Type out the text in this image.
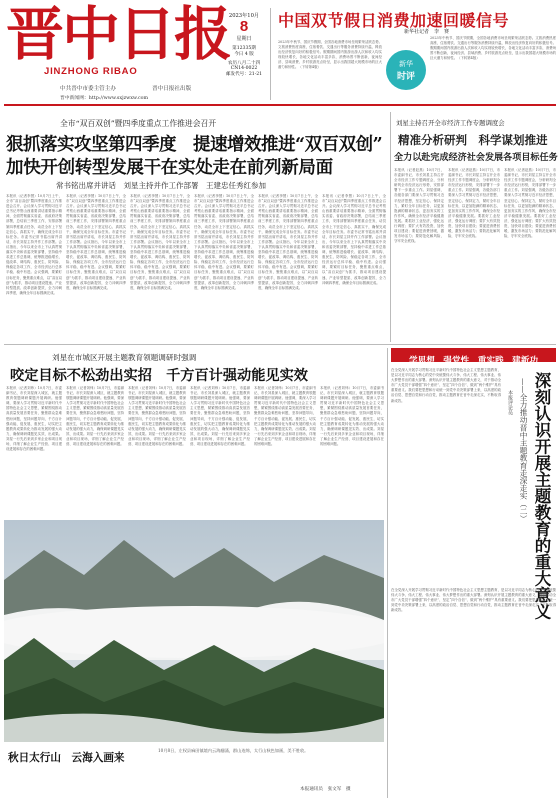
晋中日报
JINZHONG RIBAO
中共晋中市委主管主办	晋中日报社出版
晋中新闻网：http://www.sxjzwxw.com
2023年10月
8
星期日
第12335期
今日 4 版
农历八月二十四
CN14-0022
邮发代号：21-21
中国双节假日消费加速回暖信号
新华社记者　李　赛
新华
时评
2023年中秋节、国庆节假期，全国各地消费市场呈现繁荣活跃态势。文旅消费热度高涨，住宿餐饮、交通出行等服务消费持续升温，释放出经济恢复向好的积极信号。假期期间国内旅游出游人次和收入均实现较快增长，各地文化活动丰富多彩，消费场景不断创新，夜间经济、县域消费、乡村旅游亮点纷呈，显示出我国超大规模市场的巨大潜力和韧性。（下转第4版）
2023年中秋节、国庆节假期，全国各地消费市场呈现繁荣活跃态势。文旅消费热度高涨，住宿餐饮、交通出行等服务消费持续升温，释放出经济恢复向好的积极信号。假期期间国内旅游出游人次和收入均实现较快增长，各地文化活动丰富多彩，消费场景不断创新，夜间经济、县域消费、乡村旅游亮点纷呈，显示出我国超大规模市场的巨大潜力和韧性。（下转第4版）
全市“双百双创”暨四季度重点工作推进会召开
狠抓落实攻坚第四季度　提速增效推进“双百双创”
加快开创转型发展干在实处走在前列新局面
常书铭出席并讲话　刘星主持并作工作部署　王建忠任秀红参加
本报讯（记者李慧）10月7日上午，全市“双百双创”暨四季度重点工作推进会召开。会议深入学习贯彻习近平总书记考察山西重要讲话重要指示精神，全面贯彻落实省委、省政府决策部署，总结前三季度工作，安排部署第四季度重点任务，动员全市上下坚定信心、真抓实干，确保完成全年目标任务。市委书记常书铭出席并讲话，市长刘星主持并作工作部署。会议指出，今年以来全市上下认真贯彻落实中央和省委决策部署，坚持稳中求进工作总基调，统筹推进稳增长、促改革、调结构、惠民生、防风险、保稳定各项工作，全市经济运行总体平稳、稳中有进。会议强调，要紧盯目标任务，聚焦重点难点，以“双百双创”为抓手，推动项目建设提速、产业转型提质、改革创新提效，全力冲刺四季度，确保全年目标圆满完成。
本报讯（记者李慧）10月7日上午，全市“双百双创”暨四季度重点工作推进会召开。会议深入学习贯彻习近平总书记考察山西重要讲话重要指示精神，全面贯彻落实省委、省政府决策部署，总结前三季度工作，安排部署第四季度重点任务，动员全市上下坚定信心、真抓实干，确保完成全年目标任务。市委书记常书铭出席并讲话，市长刘星主持并作工作部署。会议指出，今年以来全市上下认真贯彻落实中央和省委决策部署，坚持稳中求进工作总基调，统筹推进稳增长、促改革、调结构、惠民生、防风险、保稳定各项工作，全市经济运行总体平稳、稳中有进。会议强调，要紧盯目标任务，聚焦重点难点，以“双百双创”为抓手，推动项目建设提速、产业转型提质、改革创新提效，全力冲刺四季度，确保全年目标圆满完成。
本报讯（记者李慧）10月7日上午，全市“双百双创”暨四季度重点工作推进会召开。会议深入学习贯彻习近平总书记考察山西重要讲话重要指示精神，全面贯彻落实省委、省政府决策部署，总结前三季度工作，安排部署第四季度重点任务，动员全市上下坚定信心、真抓实干，确保完成全年目标任务。市委书记常书铭出席并讲话，市长刘星主持并作工作部署。会议指出，今年以来全市上下认真贯彻落实中央和省委决策部署，坚持稳中求进工作总基调，统筹推进稳增长、促改革、调结构、惠民生、防风险、保稳定各项工作，全市经济运行总体平稳、稳中有进。会议强调，要紧盯目标任务，聚焦重点难点，以“双百双创”为抓手，推动项目建设提速、产业转型提质、改革创新提效，全力冲刺四季度，确保全年目标圆满完成。
本报讯（记者李慧）10月7日上午，全市“双百双创”暨四季度重点工作推进会召开。会议深入学习贯彻习近平总书记考察山西重要讲话重要指示精神，全面贯彻落实省委、省政府决策部署，总结前三季度工作，安排部署第四季度重点任务，动员全市上下坚定信心、真抓实干，确保完成全年目标任务。市委书记常书铭出席并讲话，市长刘星主持并作工作部署。会议指出，今年以来全市上下认真贯彻落实中央和省委决策部署，坚持稳中求进工作总基调，统筹推进稳增长、促改革、调结构、惠民生、防风险、保稳定各项工作，全市经济运行总体平稳、稳中有进。会议强调，要紧盯目标任务，聚焦重点难点，以“双百双创”为抓手，推动项目建设提速、产业转型提质、改革创新提效，全力冲刺四季度，确保全年目标圆满完成。
本报讯（记者李慧）10月7日上午，全市“双百双创”暨四季度重点工作推进会召开。会议深入学习贯彻习近平总书记考察山西重要讲话重要指示精神，全面贯彻落实省委、省政府决策部署，总结前三季度工作，安排部署第四季度重点任务，动员全市上下坚定信心、真抓实干，确保完成全年目标任务。市委书记常书铭出席并讲话，市长刘星主持并作工作部署。会议指出，今年以来全市上下认真贯彻落实中央和省委决策部署，坚持稳中求进工作总基调，统筹推进稳增长、促改革、调结构、惠民生、防风险、保稳定各项工作，全市经济运行总体平稳、稳中有进。会议强调，要紧盯目标任务，聚焦重点难点，以“双百双创”为抓手，推动项目建设提速、产业转型提质、改革创新提效，全力冲刺四季度，确保全年目标圆满完成。
本报讯（记者李慧）10月7日上午，全市“双百双创”暨四季度重点工作推进会召开。会议深入学习贯彻习近平总书记考察山西重要讲话重要指示精神，全面贯彻落实省委、省政府决策部署，总结前三季度工作，安排部署第四季度重点任务，动员全市上下坚定信心、真抓实干，确保完成全年目标任务。市委书记常书铭出席并讲话，市长刘星主持并作工作部署。会议指出，今年以来全市上下认真贯彻落实中央和省委决策部署，坚持稳中求进工作总基调，统筹推进稳增长、促改革、调结构、惠民生、防风险、保稳定各项工作，全市经济运行总体平稳、稳中有进。会议强调，要紧盯目标任务，聚焦重点难点，以“双百双创”为抓手，推动项目建设提速、产业转型提质、改革创新提效，全力冲刺四季度，确保全年目标圆满完成。
刘星主持召开全市经济工作专题调度会
精准分析研判　科学谋划推进
全力以赴完成经济社会发展各项目标任务
本报讯（记者赵燕）10月7日，市委副书记、市长刘星主持召开全市经济工作专题调度会，分析研判全市经济运行形势，安排部署下一步重点工作。刘星强调，各级各部门要深入学习贯彻习近平经济思想，坚定信心、保持定力，紧盯全年目标任务，以更加饱满的精神状态、更加务实的工作作风，确保全市经济平稳健康发展。要抓好工业经济，强化运行调度；要扩大有效投资，加快项目建设；要促进消费回暖，激发市场活力；要防范化解风险，守牢安全底线。
本报讯（记者赵燕）10月7日，市委副书记、市长刘星主持召开全市经济工作专题调度会，分析研判全市经济运行形势，安排部署下一步重点工作。刘星强调，各级各部门要深入学习贯彻习近平经济思想，坚定信心、保持定力，紧盯全年目标任务，以更加饱满的精神状态、更加务实的工作作风，确保全市经济平稳健康发展。要抓好工业经济，强化运行调度；要扩大有效投资，加快项目建设；要促进消费回暖，激发市场活力；要防范化解风险，守牢安全底线。
本报讯（记者赵燕）10月7日，市委副书记、市长刘星主持召开全市经济工作专题调度会，分析研判全市经济运行形势，安排部署下一步重点工作。刘星强调，各级各部门要深入学习贯彻习近平经济思想，坚定信心、保持定力，紧盯全年目标任务，以更加饱满的精神状态、更加务实的工作作风，确保全市经济平稳健康发展。要抓好工业经济，强化运行调度；要扩大有效投资，加快项目建设；要促进消费回暖，激发市场活力；要防范化解风险，守牢安全底线。
学思想　强党性　重实践　建新功
深刻认识开展主题教育的重大意义
——全力推动晋中主题教育走深走实（二）
本报评论员
在全党深入开展学习贯彻习近平新时代中国特色社会主义思想主题教育，是以习近平同志为核心的党中央统揽伟大斗争、伟大工程、伟大事业、伟大梦想作出的重大部署。深刻认识开展主题教育的重大意义，对于推动全市广大党员干部增强“四个意识”、坚定“四个自信”、做到“两个维护”具有重要意义。我们要把思想和行动统一到党中央决策部署上来，以高度的政治自觉、思想自觉和行动自觉，推动主题教育在晋中走深走实，不断取得新成效。
在全党深入开展学习贯彻习近平新时代中国特色社会主义思想主题教育，是以习近平同志为核心的党中央统揽伟大斗争、伟大工程、伟大事业、伟大梦想作出的重大部署。深刻认识开展主题教育的重大意义，对于推动全市广大党员干部增强“四个意识”、坚定“四个自信”、做到“两个维护”具有重要意义。我们要把思想和行动统一到党中央决策部署上来，以高度的政治自觉、思想自觉和行动自觉，推动主题教育在晋中走深走实，不断取得新成效。
刘星在市城区开展主题教育领题调研时强调
咬定目标不松劲出实招　千方百计强动能见实效
本报讯（记者刘炜）10月7日，市委副书记、市长刘星深入城区，就主题教育领题调研课题开展调研。他强调，要深入学习贯彻习近平新时代中国特色社会主义思想，紧紧围绕推动高质量发展首要任务，聚焦群众急难愁盼问题，坚持问题导向，千方百计强动能、促发展、惠民生，切实把主题教育成果转化为推动发展的强大动力，确保调研课题见实效、出成果。刘星一行先后来到多家企业和项目现场，详细了解企业生产经营、项目建设进展和存在的困难问题。
本报讯（记者刘炜）10月7日，市委副书记、市长刘星深入城区，就主题教育领题调研课题开展调研。他强调，要深入学习贯彻习近平新时代中国特色社会主义思想，紧紧围绕推动高质量发展首要任务，聚焦群众急难愁盼问题，坚持问题导向，千方百计强动能、促发展、惠民生，切实把主题教育成果转化为推动发展的强大动力，确保调研课题见实效、出成果。刘星一行先后来到多家企业和项目现场，详细了解企业生产经营、项目建设进展和存在的困难问题。
本报讯（记者刘炜）10月7日，市委副书记、市长刘星深入城区，就主题教育领题调研课题开展调研。他强调，要深入学习贯彻习近平新时代中国特色社会主义思想，紧紧围绕推动高质量发展首要任务，聚焦群众急难愁盼问题，坚持问题导向，千方百计强动能、促发展、惠民生，切实把主题教育成果转化为推动发展的强大动力，确保调研课题见实效、出成果。刘星一行先后来到多家企业和项目现场，详细了解企业生产经营、项目建设进展和存在的困难问题。
本报讯（记者刘炜）10月7日，市委副书记、市长刘星深入城区，就主题教育领题调研课题开展调研。他强调，要深入学习贯彻习近平新时代中国特色社会主义思想，紧紧围绕推动高质量发展首要任务，聚焦群众急难愁盼问题，坚持问题导向，千方百计强动能、促发展、惠民生，切实把主题教育成果转化为推动发展的强大动力，确保调研课题见实效、出成果。刘星一行先后来到多家企业和项目现场，详细了解企业生产经营、项目建设进展和存在的困难问题。
本报讯（记者刘炜）10月7日，市委副书记、市长刘星深入城区，就主题教育领题调研课题开展调研。他强调，要深入学习贯彻习近平新时代中国特色社会主义思想，紧紧围绕推动高质量发展首要任务，聚焦群众急难愁盼问题，坚持问题导向，千方百计强动能、促发展、惠民生，切实把主题教育成果转化为推动发展的强大动力，确保调研课题见实效、出成果。刘星一行先后来到多家企业和项目现场，详细了解企业生产经营、项目建设进展和存在的困难问题。
本报讯（记者刘炜）10月7日，市委副书记、市长刘星深入城区，就主题教育领题调研课题开展调研。他强调，要深入学习贯彻习近平新时代中国特色社会主义思想，紧紧围绕推动高质量发展首要任务，聚焦群众急难愁盼问题，坚持问题导向，千方百计强动能、促发展、惠民生，切实把主题教育成果转化为推动发展的强大动力，确保调研课题见实效、出成果。刘星一行先后来到多家企业和项目现场，详细了解企业生产经营、项目建设进展和存在的困难问题。
秋日太行山　云海入画来
10月8日，左权县麻田镇境内云海翻涌，群山连绵，太行山秋色如画，美不胜收。
本报通讯员　张文军　摄
